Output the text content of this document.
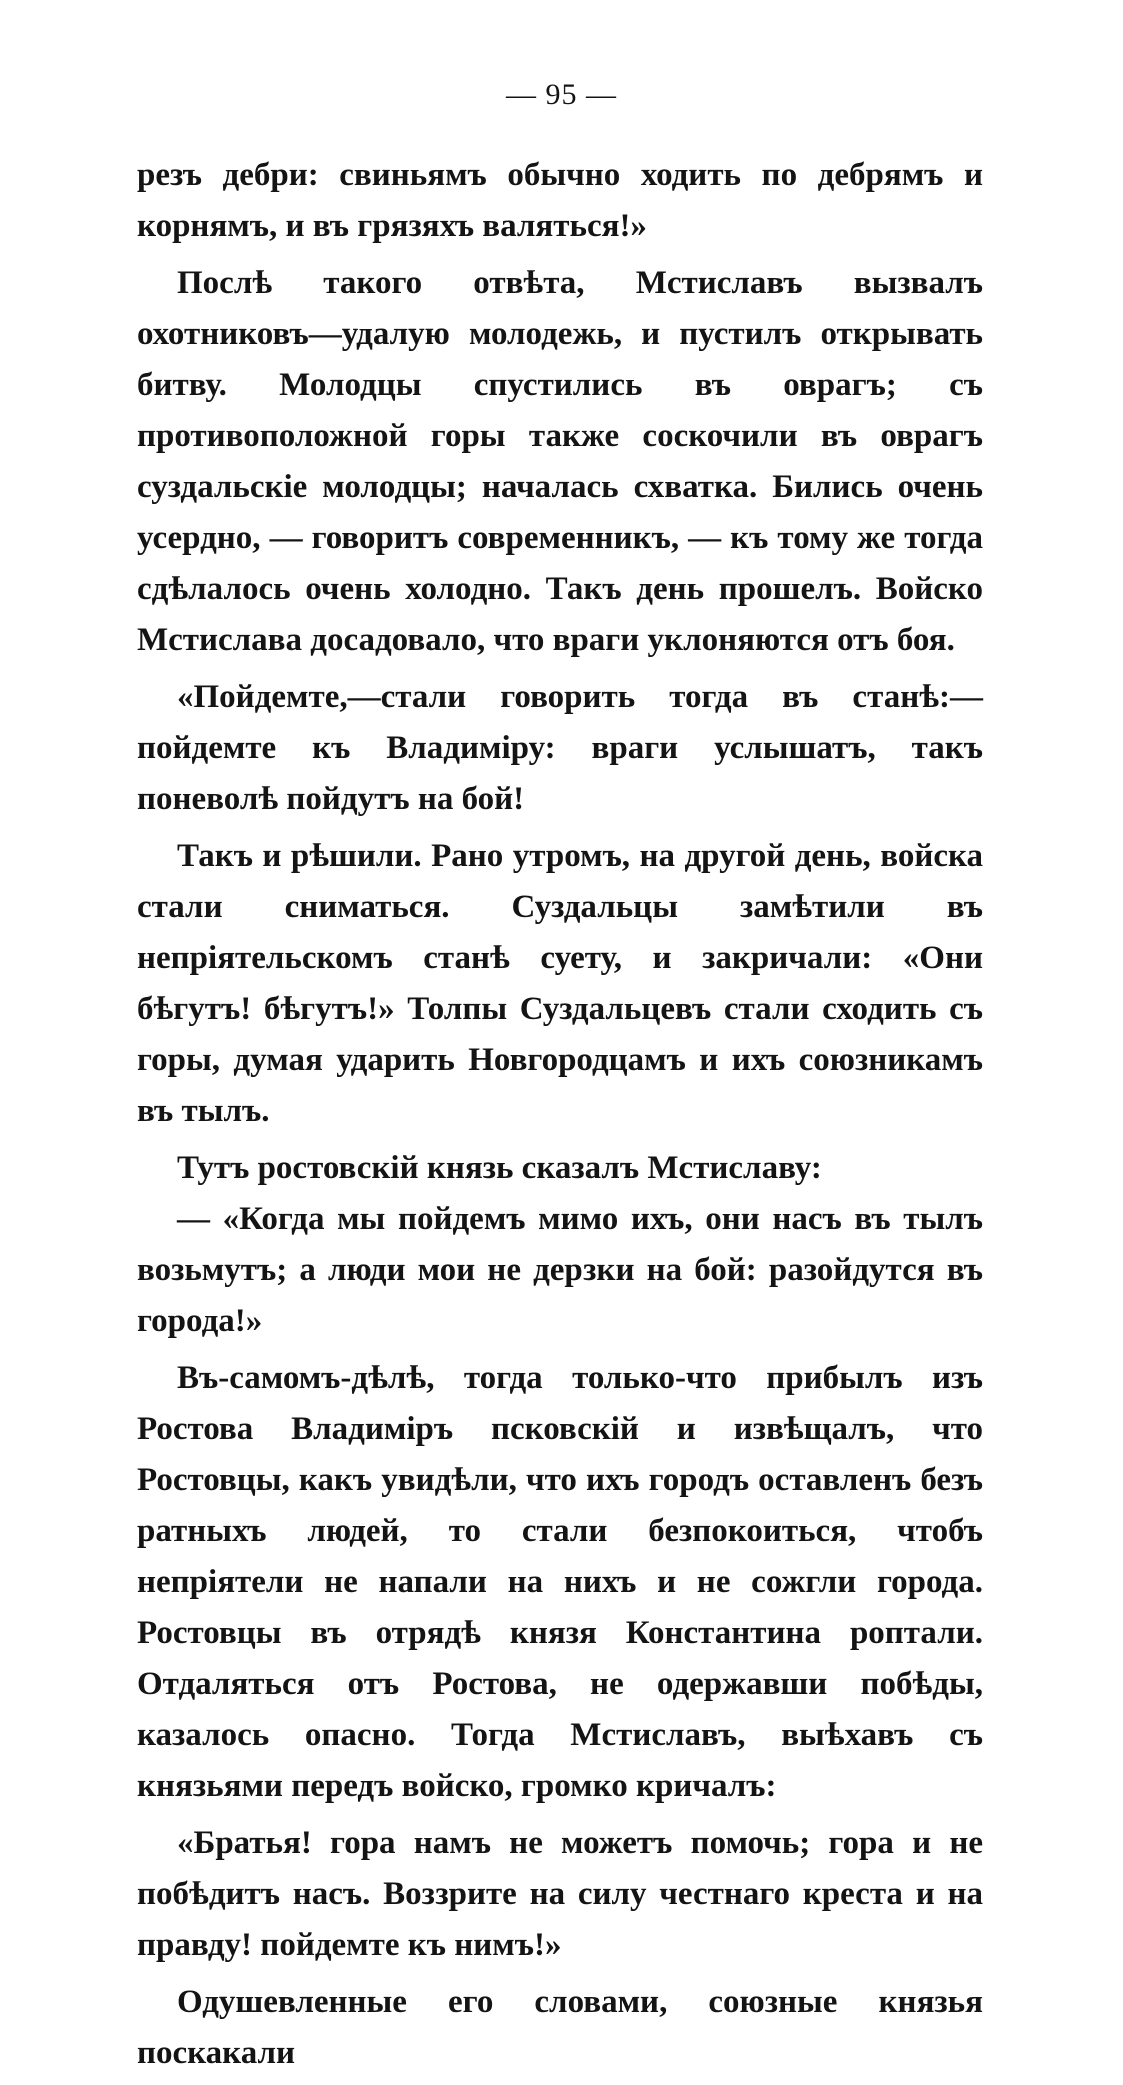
— 95 —

резъ дебри: свиньямъ обычно ходить по дебрямъ и корнямъ, и въ грязяхъ валяться!»

Послѣ такого отвѣта, Мстиславъ вызвалъ охотниковъ—удалую молодежь, и пустилъ открывать битву. Молодцы спустились въ оврагъ; съ противоположной горы также соскочили въ оврагъ суздальскіе молодцы; началась схватка. Бились очень усердно, — говоритъ современникъ, — къ тому же тогда сдѣлалось очень холодно. Такъ день прошелъ. Войско Мстислава досадовало, что враги уклоняются отъ боя.

«Пойдемте,—стали говорить тогда въ станѣ:—пойдемте къ Владиміру: враги услышатъ, такъ поневолѣ пойдутъ на бой!

Такъ и рѣшили. Рано утромъ, на другой день, войска стали сниматься. Суздальцы замѣтили въ непріятельскомъ станѣ суету, и закричали: «Они бѣгутъ! бѣгутъ!» Толпы Суздальцевъ стали сходить съ горы, думая ударить Новгородцамъ и ихъ союзникамъ въ тылъ.

Тутъ ростовскій князь сказалъ Мстиславу:

— «Когда мы пойдемъ мимо ихъ, они насъ въ тылъ возьмутъ; а люди мои не дерзки на бой: разойдутся въ города!»

Въ-самомъ-дѣлѣ, тогда только-что прибылъ изъ Ростова Владиміръ псковскій и извѣщалъ, что Ростовцы, какъ увидѣли, что ихъ городъ оставленъ безъ ратныхъ людей, то стали безпокоиться, чтобъ непріятели не напали на нихъ и не сожгли города. Ростовцы въ отрядѣ князя Константина роптали. Отдаляться отъ Ростова, не одержавши побѣды, казалось опасно. Тогда Мстиславъ, выѣхавъ съ князьями передъ войско, громко кричалъ:

«Братья! гора намъ не можетъ помочь; гора и не побѣдитъ насъ. Воззрите на силу честнаго креста и на правду! пойдемте къ нимъ!»

Одушевленные его словами, союзные князья поскакали
